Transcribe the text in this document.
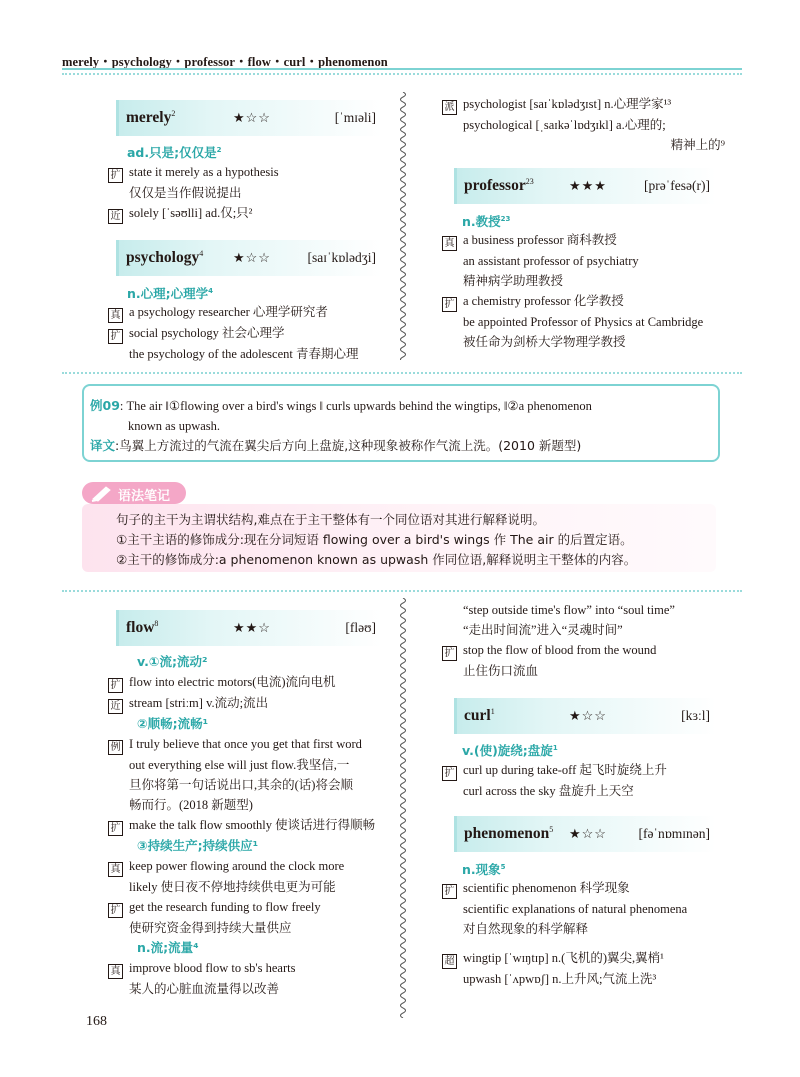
merely・psychology・professor・flow・curl・phenomenon
merely$^2$	★☆☆	[ˈmɪəli]
ad.只是;仅仅是$^2$
扩 state it merely as a hypothesis
仅仅是当作假说提出
近 solely [ˈsəʊlli] ad.仅;只²
psychology$^4$ ★☆☆	[saɪˈkɒlədʒi]
n.心理;心理学$^4$
真 a psychology researcher 心理学研究者
扩 social psychology 社会心理学
the psychology of the adolescent 青春期心理
派 psychologist [saɪˈkɒlədʒɪst] n.心理学家¹³
psychological [ˌsaɪkəˈlɒdʒɪkl] a.心理的;
精神上的⁹
professor$^{23}$	★★★	[prəˈfesə(r)]
n.教授$^{23}$
真 a business professor 商科教授
an assistant professor of psychiatry
精神病学助理教授
扩 a chemistry professor 化学教授
be appointed Professor of Physics at Cambridge
被任命为剑桥大学物理学教授
例09: The air ‖①flowing over a bird's wings ‖ curls upwards behind the wingtips, ‖②a phenomenon
known as upwash.
译文:鸟翼上方流过的气流在翼尖后方向上盘旋,这种现象被称作气流上洗。(2010 新题型)
语法笔记
句子的主干为主谓状结构,难点在于主干整体有一个同位语对其进行解释说明。
①主干主语的修饰成分:现在分词短语 flowing over a bird's wings 作 The air 的后置定语。
②主干的修饰成分:a phenomenon known as upwash 作同位语,解释说明主干整体的内容。
flow$^8$	★★☆	[fləʊ]
v.①流;流动²
扩 flow into electric motors(电流)流向电机
近 stream [striːm] v.流动;流出
②顺畅;流畅¹
例 I truly believe that once you get that first word
out everything else will just flow.我坚信,一
旦你将第一句话说出口,其余的(话)将会顺
畅而行。(2018 新题型)
扩 make the talk flow smoothly 使谈话进行得顺畅
③持续生产;持续供应¹
真 keep power flowing around the clock more
likely 使日夜不停地持续供电更为可能
扩 get the research funding to flow freely
使研究资金得到持续大量供应
n.流;流量⁴
真 improve blood flow to sb's hearts
某人的心脏血流量得以改善
“step outside time's flow” into “soul time”
“走出时间流”进入“灵魂时间”
扩 stop the flow of blood from the wound
止住伤口流血
curl$^1$	★☆☆	[kɜːl]
v.(使)旋绕;盘旋$^1$
扩 curl up during take-off 起飞时旋绕上升
curl across the sky 盘旋升上天空
phenomenon$^5$ ★☆☆ [fəˈnɒmɪnən]
n.现象$^5$
扩 scientific phenomenon 科学现象
scientific explanations of natural phenomena
对自然现象的科学解释
超 wingtip [ˈwɪŋtɪp] n.(飞机的)翼尖,翼梢¹
upwash [ˈʌpwɒʃ] n.上升风;气流上洗³
168
